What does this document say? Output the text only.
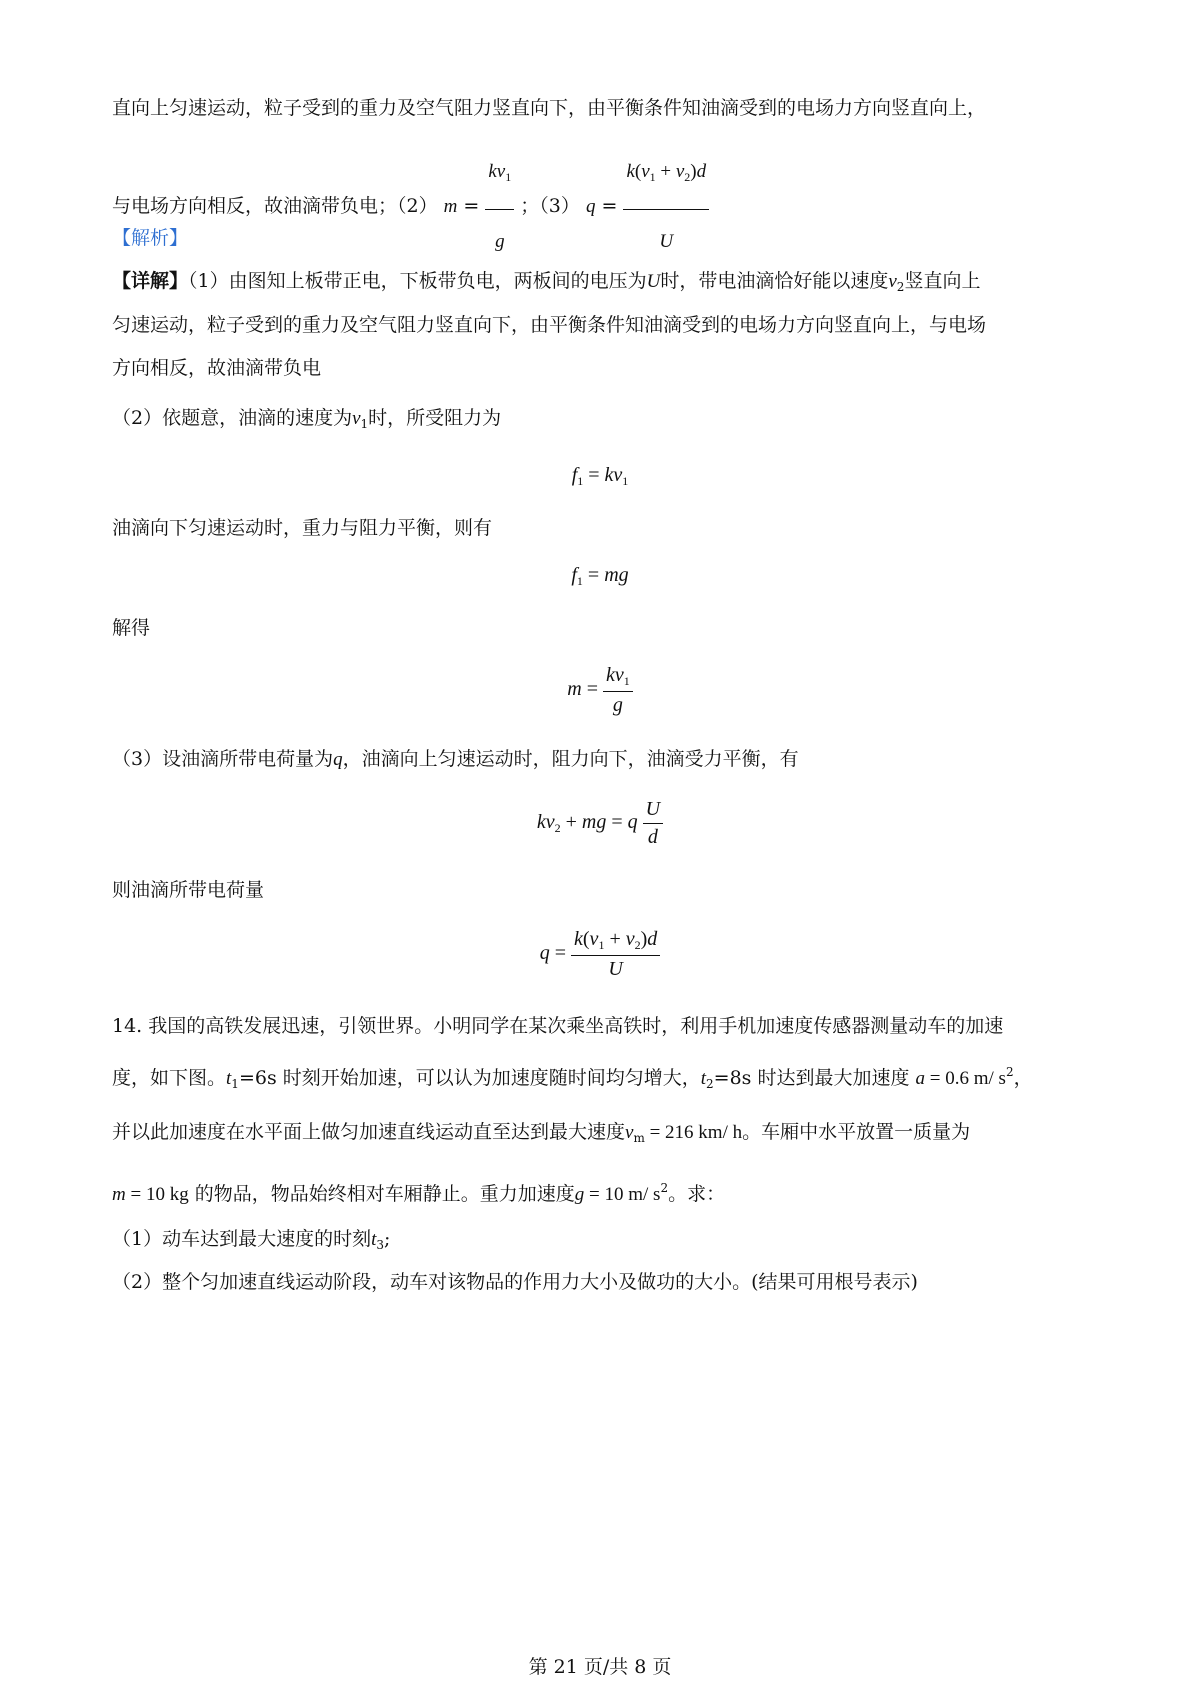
直向上匀速运动，粒子受到的重力及空气阻力竖直向下，由平衡条件知油滴受到的电场力方向竖直向上，
与电场方向相反，故油滴带负电；（2） $m = \frac{kv_1}{g}$ ；（3） $q = \frac{k(v_1 + v_2)d}{U}$
【解析】
【详解】（1）由图知上板带正电，下板带负电，两板间的电压为U时，带电油滴恰好能以速度$v_2$竖直向上
匀速运动，粒子受到的重力及空气阻力竖直向下，由平衡条件知油滴受到的电场力方向竖直向上，与电场
方向相反，故油滴带负电
（2）依题意，油滴的速度为$v_1$时，所受阻力为
$f_1 = kv_1$
油滴向下匀速运动时，重力与阻力平衡，则有
$f_1$ = mg
解得
$m = \frac{kv_1}{g}$
（3）设油滴所带电荷量为q，油滴向上匀速运动时，阻力向下，油滴受力平衡，有
$kv_2$ + mg = q $\frac{U}{d}$
则油滴所带电荷量
$q = \frac{k(v_1 + v_2)d}{U}$
14. 我国的高铁发展迅速，引领世界。小明同学在某次乘坐高铁时，利用手机加速度传感器测量动车的加速
度，如下图。$t_1=6s$ 时刻开始加速，可以认为加速度随时间均匀增大，$t_2=8s$ 时达到最大加速度 a = 0.6 m/ $s^2$，
并以此加速度在水平面上做匀加速直线运动直至达到最大速度$v_m = 216$ km/ h。车厢中水平放置一质量为
m = 10 kg 的物品，物品始终相对车厢静止。重力加速度g = 10 m/ $s^2$。求：
（1）动车达到最大速度的时刻$t_3$;
（2）整个匀加速直线运动阶段，动车对该物品的作用力大小及做功的大小。(结果可用根号表示)
第 21 页/共 8 页
